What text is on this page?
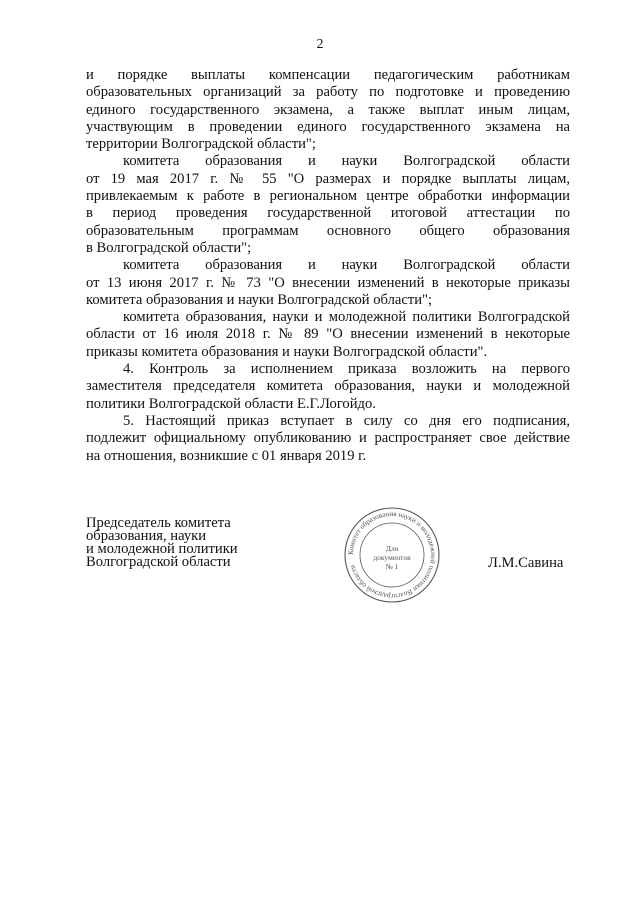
2

и порядке выплаты компенсации педагогическим работникам

образовательных организаций за работу по подготовке и проведению

единого государственного экзамена, а также выплат иным лицам,

участвующим в проведении единого государственного экзамена на

территории Волгоградской области";

комитета образования и науки Волгоградской области

от 19 мая 2017 г. № 55 "О размерах и порядке выплаты лицам,

привлекаемым к работе в региональном центре обработки информации

в период проведения государственной итоговой аттестации по

образовательным программам основного общего образования

в Волгоградской области";

комитета образования и науки Волгоградской области

от 13 июня 2017 г. № 73 "О внесении изменений в некоторые приказы

комитета образования и науки Волгоградской области";

комитета образования, науки и молодежной политики Волгоградской

области от 16 июля 2018 г. № 89 "О внесении изменений в некоторые

приказы комитета образования и науки Волгоградской области".

4. Контроль за исполнением приказа возложить на первого

заместителя председателя комитета образования, науки и молодежной

политики Волгоградской области Е.Г.Логойдо.

5. Настоящий приказ вступает в силу со дня его подписания,

подлежит официальному опубликованию и распространяет свое действие

на отношения, возникшие с 01 января 2019 г.

Председатель комитета
образования, науки
и молодежной политики
Волгоградской области
Комитет образования науки и молодежной политики Волгоградской области
Для
документов
№ 1	Л.М.Савина
